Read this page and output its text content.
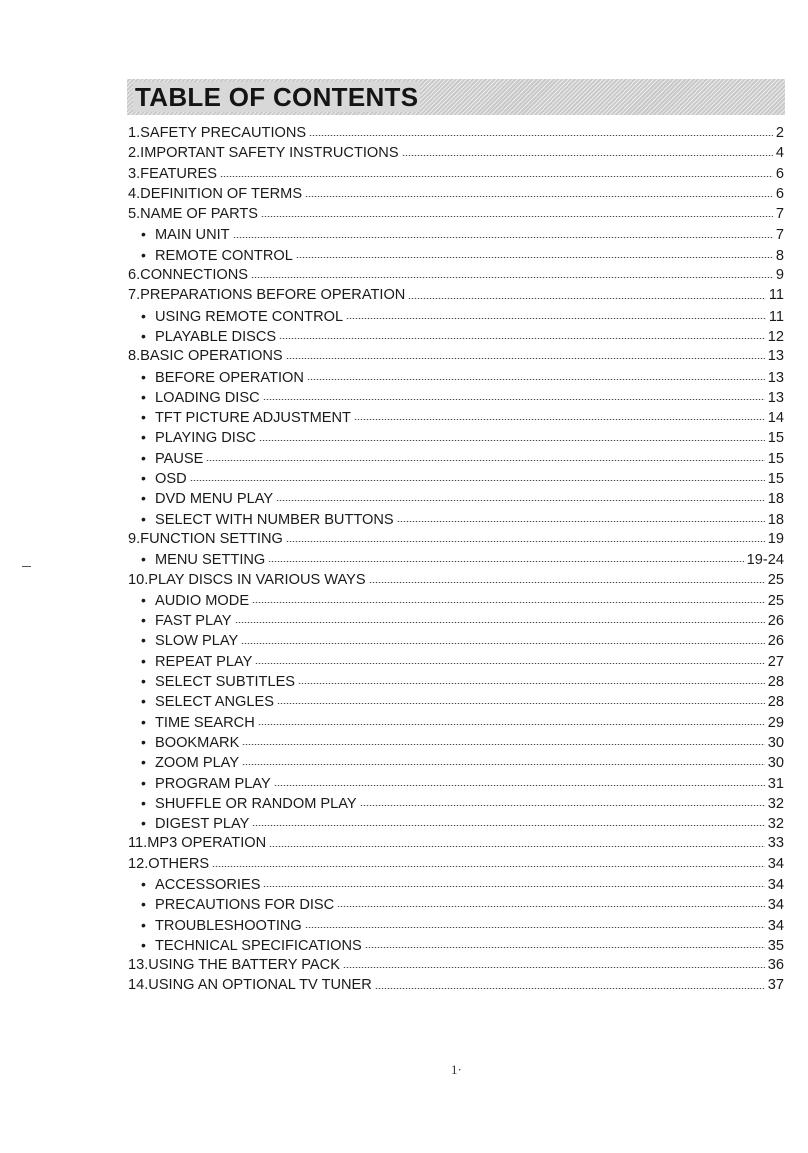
TABLE OF CONTENTS
1.SAFETY PRECAUTIONS	2
2.IMPORTANT SAFETY INSTRUCTIONS	4
3.FEATURES	6
4.DEFINITION OF TERMS	6
5.NAME OF PARTS	7
• MAIN UNIT	7
• REMOTE CONTROL	8
6.CONNECTIONS	9
7.PREPARATIONS BEFORE OPERATION	11
• USING REMOTE CONTROL	11
• PLAYABLE DISCS	12
8.BASIC OPERATIONS	13
• BEFORE OPERATION	13
• LOADING DISC	13
• TFT PICTURE ADJUSTMENT	14
• PLAYING DISC	15
• PAUSE	15
• OSD	15
• DVD MENU PLAY	18
• SELECT WITH NUMBER BUTTONS	18
9.FUNCTION SETTING	19
• MENU SETTING	19-24
10.PLAY DISCS IN VARIOUS WAYS	25
• AUDIO MODE	25
• FAST PLAY	26
• SLOW PLAY	26
• REPEAT PLAY	27
• SELECT SUBTITLES	28
• SELECT ANGLES	28
• TIME SEARCH	29
• BOOKMARK	30
• ZOOM PLAY	30
• PROGRAM PLAY	31
• SHUFFLE OR RANDOM PLAY	32
• DIGEST PLAY	32
11.MP3 OPERATION	33
12.OTHERS	34
• ACCESSORIES	34
• PRECAUTIONS FOR DISC	34
• TROUBLESHOOTING	34
• TECHNICAL SPECIFICATIONS	35
13.USING THE BATTERY PACK	36
14.USING AN OPTIONAL TV TUNER	37
1·
